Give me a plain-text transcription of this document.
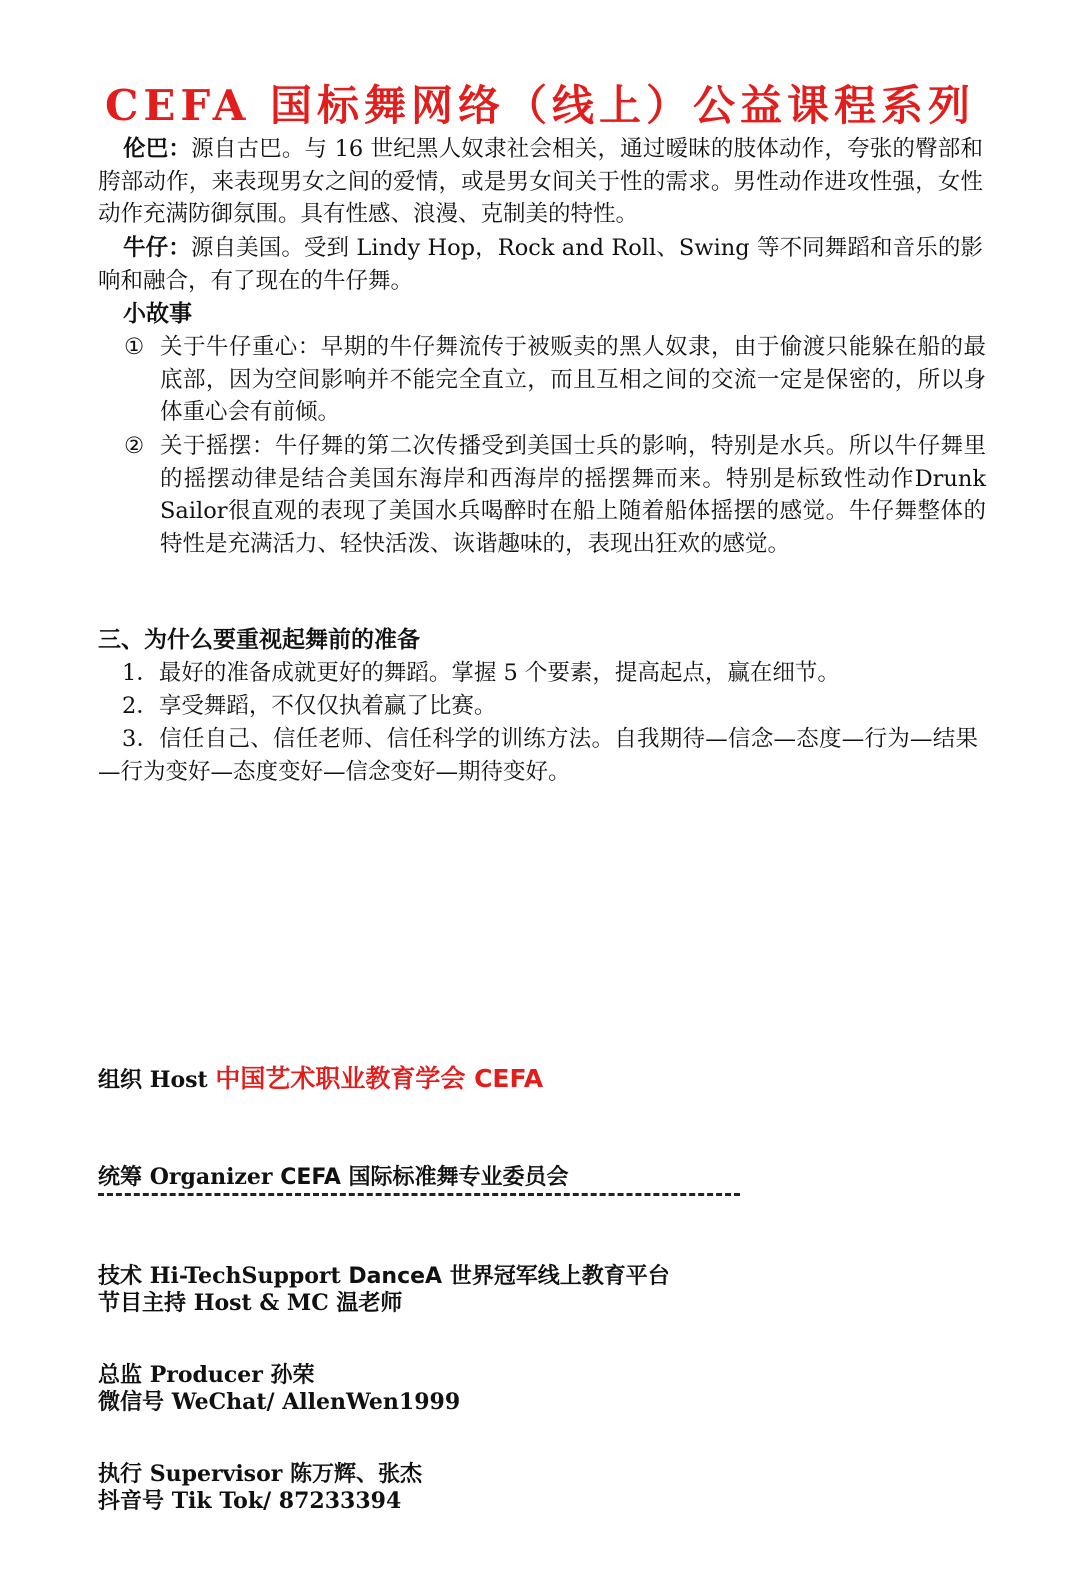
CEFA 国标舞网络（线上）公益课程系列
伦巴：源自古巴。与 16 世纪黑人奴隶社会相关，通过暧昧的肢体动作，夸张的臀部和胯部动作，来表现男女之间的爱情，或是男女间关于性的需求。男性动作进攻性强，女性动作充满防御氛围。具有性感、浪漫、克制美的特性。
牛仔：源自美国。受到 Lindy Hop，Rock and Roll、Swing 等不同舞蹈和音乐的影响和融合，有了现在的牛仔舞。
小故事
① 关于牛仔重心：早期的牛仔舞流传于被贩卖的黑人奴隶，由于偷渡只能躲在船的最底部，因为空间影响并不能完全直立，而且互相之间的交流一定是保密的，所以身体重心会有前倾。
② 关于摇摆：牛仔舞的第二次传播受到美国士兵的影响，特别是水兵。所以牛仔舞里的摇摆动律是结合美国东海岸和西海岸的摇摆舞而来。特别是标致性动作Drunk Sailor很直观的表现了美国水兵喝醉时在船上随着船体摇摆的感觉。牛仔舞整体的特性是充满活力、轻快活泼、诙谐趣味的，表现出狂欢的感觉。
三、为什么要重视起舞前的准备
1．最好的准备成就更好的舞蹈。掌握 5 个要素，提高起点，赢在细节。
2．享受舞蹈，不仅仅执着赢了比赛。
3．信任自己、信任老师、信任科学的训练方法。自我期待—信念—态度—行为—结果—行为变好—态度变好—信念变好—期待变好。

组织 Host 中国艺术职业教育学会 CEFA

统筹 Organizer CEFA 国际标准舞专业委员会

技术 Hi-TechSupport DanceA 世界冠军线上教育平台

总监 Producer 孙荣

执行 Supervisor 陈万辉、张杰

节目主持 Host & MC 温老师

微信号 WeChat/ AllenWen1999

抖音号 Tik Tok/ 87233394
